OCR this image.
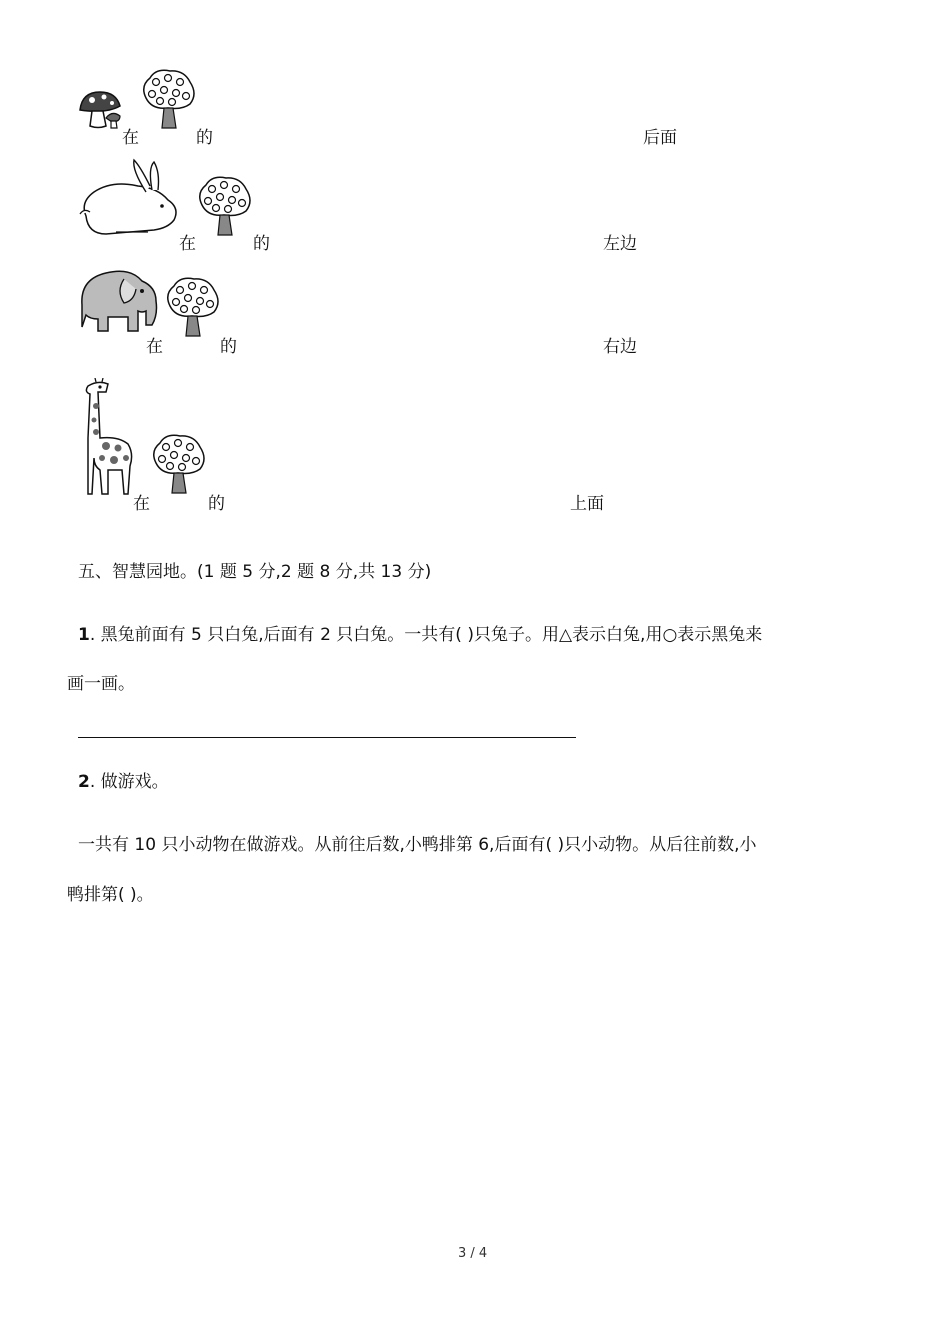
在	的	后面
在	的	左边
在	的	右边
在	的	上面
五、智慧园地。(1 题 5 分,2 题 8 分,共 13 分)
1. 黑兔前面有 5 只白兔,后面有 2 只白兔。一共有( )只兔子。用△表示白兔,用○表示黑兔来
画一画。
2. 做游戏。
一共有 10 只小动物在做游戏。从前往后数,小鸭排第 6,后面有( )只小动物。从后往前数,小
鸭排第( )。
3 / 4
